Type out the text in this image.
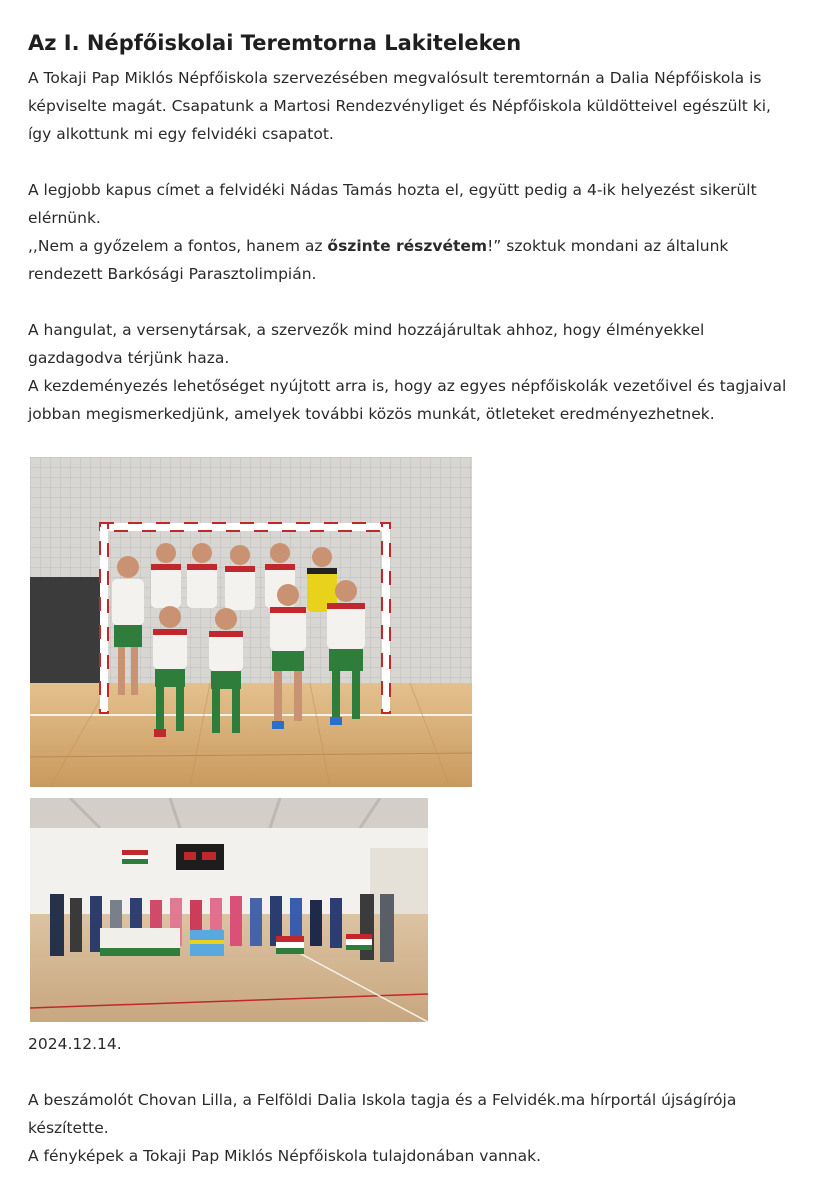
Az I. Népfőiskolai Teremtorna Lakiteleken

A Tokaji Pap Miklós Népfőiskola szervezésében megvalósult teremtornán a Dalia Népfőiskola is képviselte magát. Csapatunk a Martosi Rendezvényliget és Népfőiskola küldötteivel egészült ki, így alkottunk mi egy felvidéki csapatot.

A legjobb kapus címet a felvidéki Nádas Tamás hozta el, együtt pedig a 4-ik helyezést sikerült elérnünk.

,,Nem a győzelem a fontos, hanem az őszinte részvétem!” szoktuk mondani az általunk rendezett Barkósági Parasztolimpián.

A hangulat, a versenytársak, a szervezők mind hozzájárultak ahhoz, hogy élményekkel gazdagodva térjünk haza.

A kezdeményezés lehetőséget nyújtott arra is, hogy az egyes népfőiskolák vezetőivel és tagjaival jobban megismerkedjünk, amelyek további közös munkát, ötleteket eredményezhetnek.

2024.12.14.

A beszámolót Chovan Lilla, a Felföldi Dalia Iskola tagja és a Felvidék.ma hírportál újságírója készítette.

A fényképek a Tokaji Pap Miklós Népfőiskola tulajdonában vannak.
